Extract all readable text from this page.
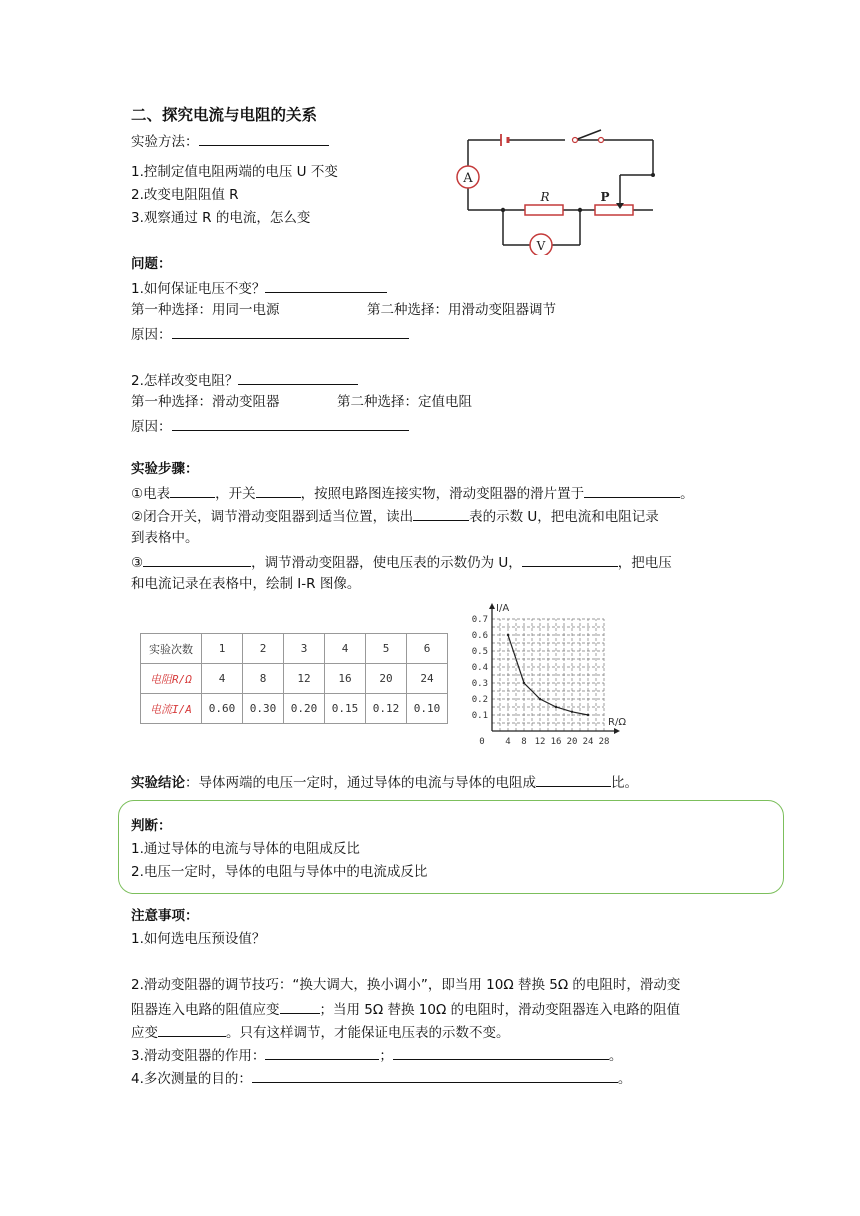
二、探究电流与电阻的关系
实验方法：
1.控制定值电阻两端的电压 U 不变
2.改变电阻阻值 R
3.观察通过 R 的电流，怎么变
A
V
R	P
问题：
1.如何保证电压不变？
第一种选择：用同一电源	第二种选择：用滑动变阻器调节
原因：
2.怎样改变电阻？
第一种选择：滑动变阻器	第二种选择：定值电阻
原因：
实验步骤：
①电表	，开关	，按照电路图连接实物，滑动变阻器的滑片置于	。
②闭合开关，调节滑动变阻器到适当位置，读出	表的示数 U，把电流和电阻记录
到表格中。
③	，调节滑动变阻器，使电压表的示数仍为 U，	，把电压
和电流记录在表格中，绘制 I-R 图像。
实验次数	1	2	3	4	5	6
电阻R/Ω	4	8	12	16	20	24
电流I/A	0.60	0.30	0.20	0.15	0.12	0.10
0.1
0.2
0.3
0.4
0.5
0.6
0.7
4 8 12 16 20 24 28
0
I/A
R/Ω
实验结论：导体两端的电压一定时，通过导体的电流与导体的电阻成	比。
判断：
1.通过导体的电流与导体的电阻成反比
2.电压一定时，导体的电阻与导体中的电流成反比
注意事项：
1.如何选电压预设值？
2.滑动变阻器的调节技巧：“换大调大，换小调小”，即当用 10Ω 替换 5Ω 的电阻时，滑动变
阻器连入电路的阻值应变	；当用 5Ω 替换 10Ω 的电阻时，滑动变阻器连入电路的阻值
应变	。只有这样调节，才能保证电压表的示数不变。
3.滑动变阻器的作用：	；	。
4.多次测量的目的：	。
